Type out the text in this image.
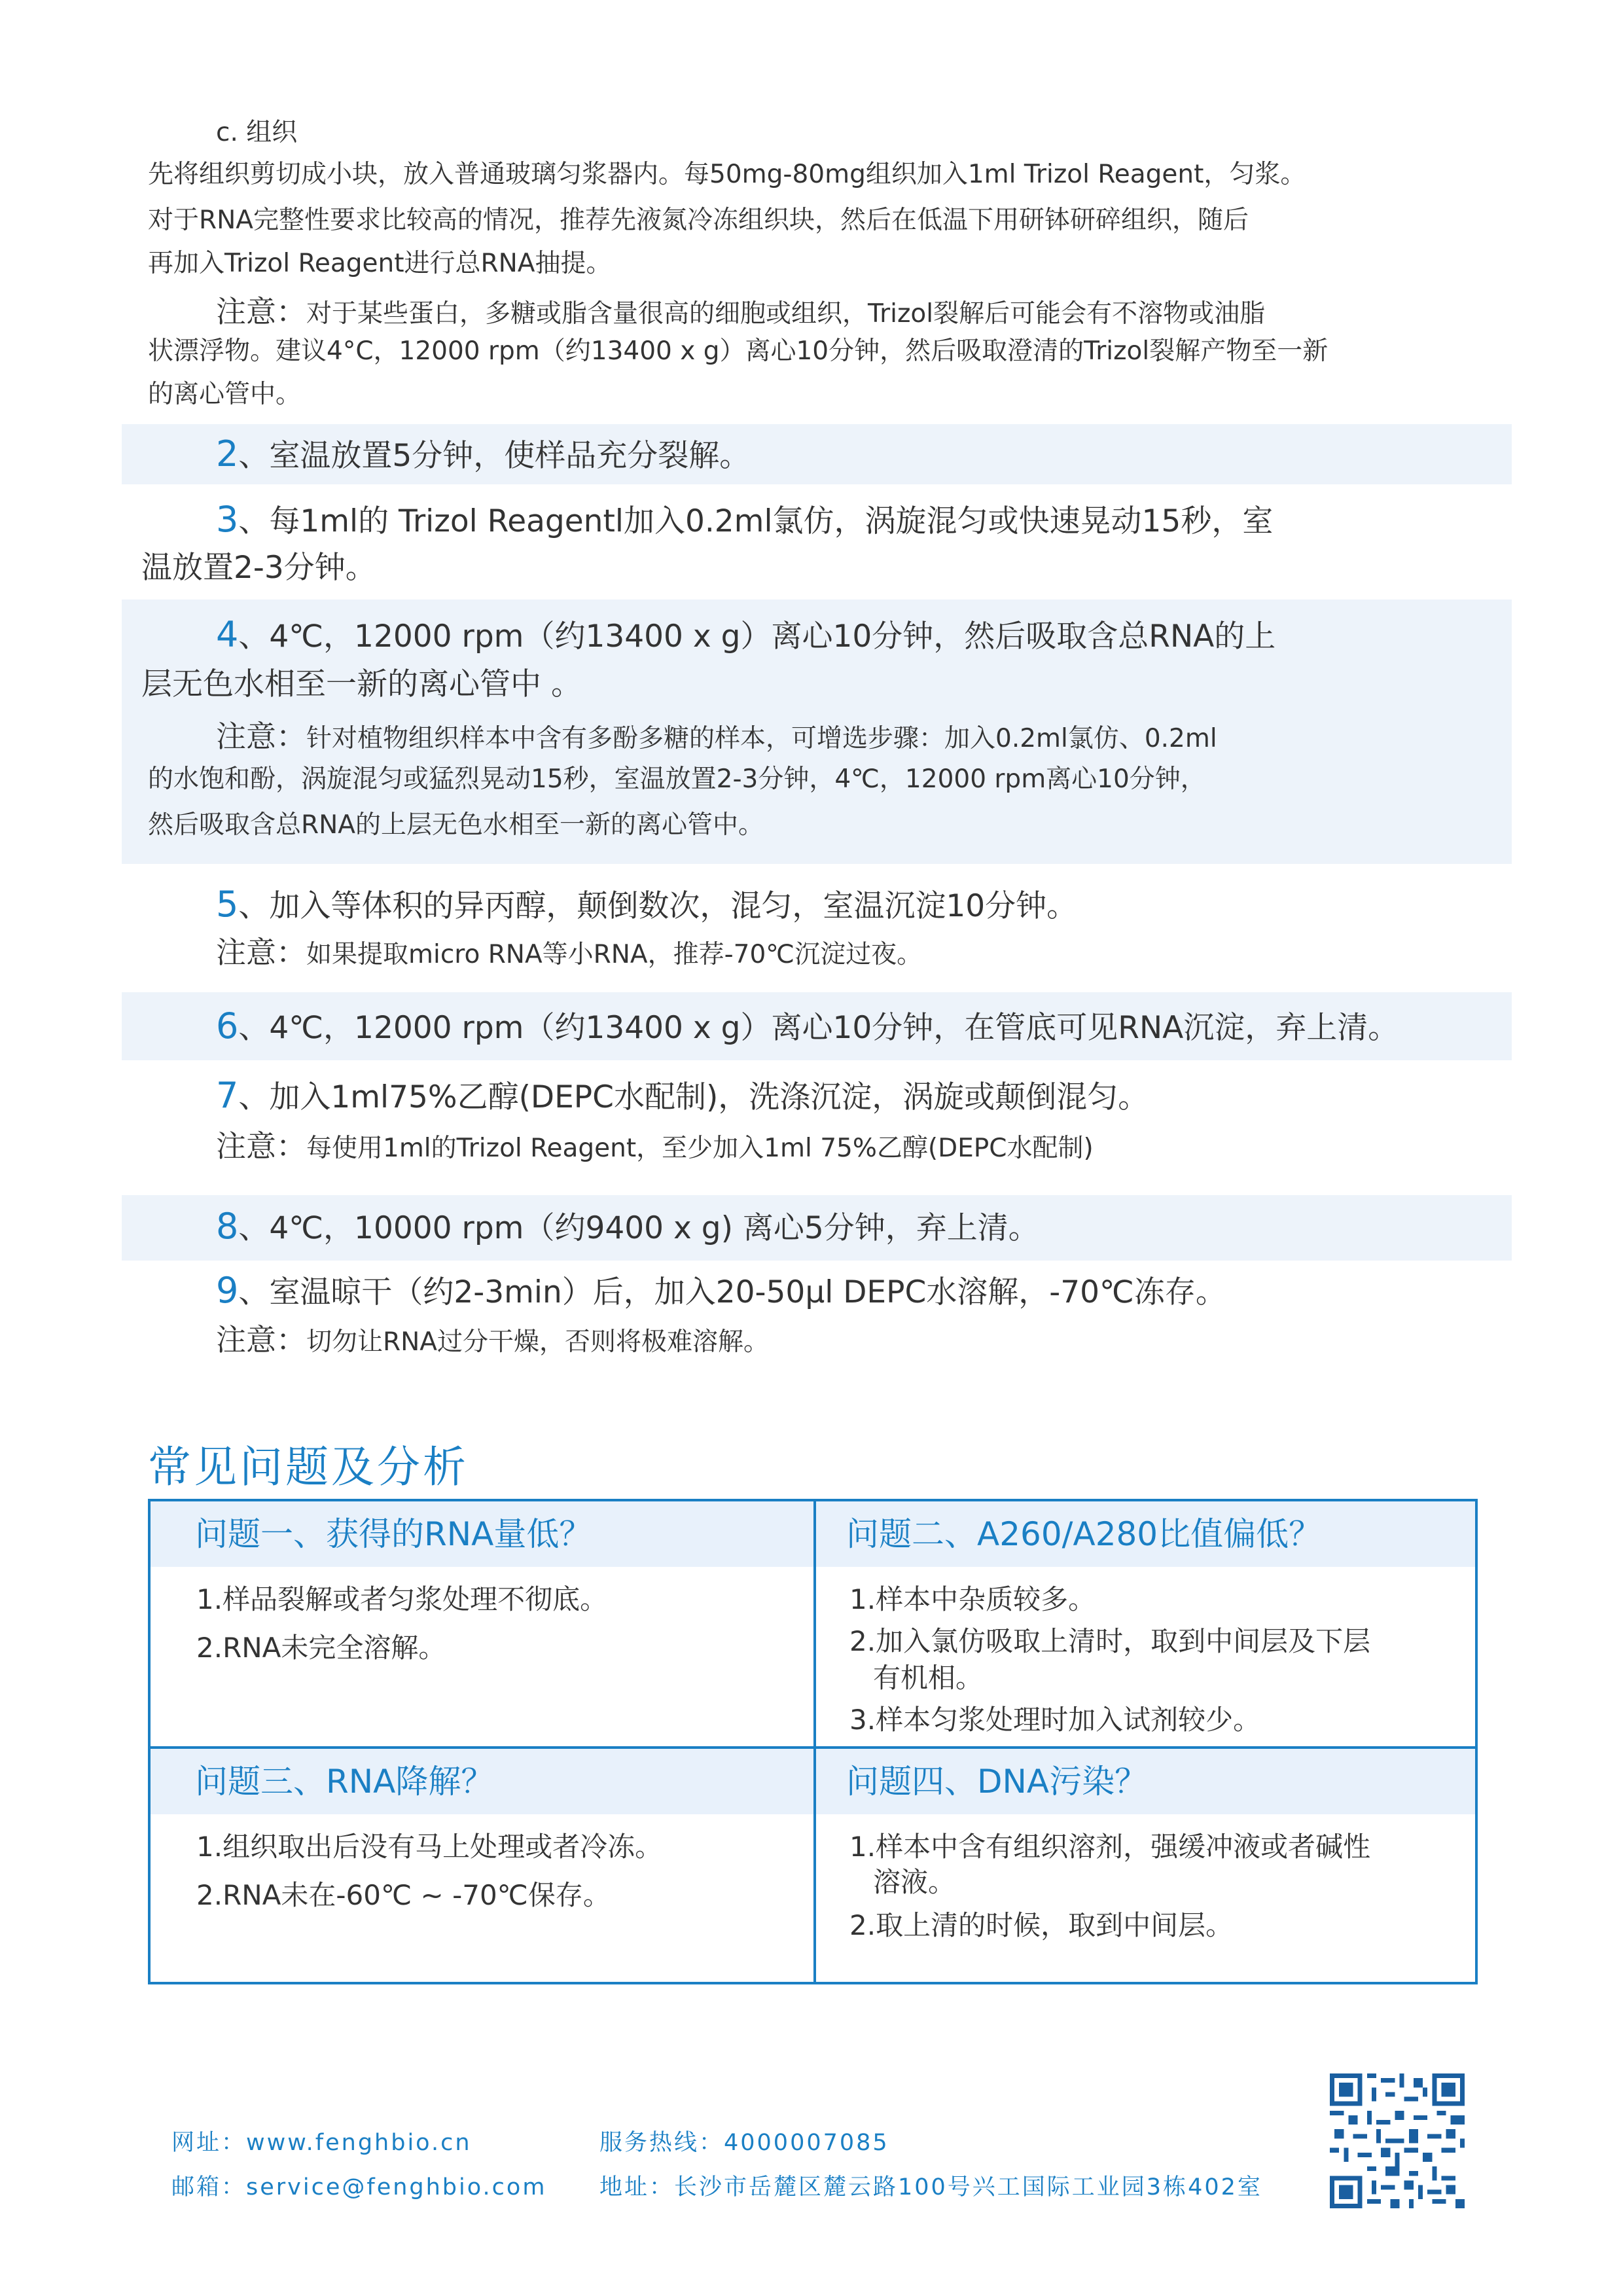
c. 组织
先将组织剪切成小块，放入普通玻璃匀浆器内。每50mg-80mg组织加入1ml Trizol Reagent，匀浆。
对于RNA完整性要求比较高的情况，推荐先液氮冷冻组织块，然后在低温下用研钵研碎组织，随后
再加入Trizol Reagent进行总RNA抽提。
注意：对于某些蛋白，多糖或脂含量很高的细胞或组织，Trizol裂解后可能会有不溶物或油脂
状漂浮物。建议4°C，12000 rpm（约13400 x g）离心10分钟，然后吸取澄清的Trizol裂解产物至一新
的离心管中。
2、室温放置5分钟，使样品充分裂解。
3、每1ml的 Trizol Reagentl加入0.2ml氯仿，涡旋混匀或快速晃动15秒，室
温放置2-3分钟。
4、4℃，12000 rpm（约13400 x g）离心10分钟，然后吸取含总RNA的上
层无色水相至一新的离心管中 。
注意：针对植物组织样本中含有多酚多糖的样本，可增选步骤：加入0.2ml氯仿、0.2ml
的水饱和酚，涡旋混匀或猛烈晃动15秒，室温放置2-3分钟，4℃，12000 rpm离心10分钟，
然后吸取含总RNA的上层无色水相至一新的离心管中。
5、加入等体积的异丙醇，颠倒数次，混匀，室温沉淀10分钟。
注意：如果提取micro RNA等小RNA，推荐-70℃沉淀过夜。
6、4℃，12000 rpm（约13400 x g）离心10分钟，在管底可见RNA沉淀，弃上清。
7、加入1ml75%乙醇(DEPC水配制)，洗涤沉淀，涡旋或颠倒混匀。
注意：每使用1ml的Trizol Reagent，至少加入1ml 75%乙醇(DEPC水配制)
8、4℃，10000 rpm（约9400 x g) 离心5分钟，弃上清。
9、室温晾干（约2-3min）后，加入20-50μl DEPC水溶解，-70℃冻存。
注意：切勿让RNA过分干燥，否则将极难溶解。
常见问题及分析
问题一、获得的RNA量低？
1.样品裂解或者匀浆处理不彻底。
2.RNA未完全溶解。
问题二、A260/A280比值偏低？
1.样本中杂质较多。
2.加入氯仿吸取上清时，取到中间层及下层
有机相。
3.样本匀浆处理时加入试剂较少。
问题三、RNA降解？
1.组织取出后没有马上处理或者冷冻。
2.RNA未在-60℃ ~ -70℃保存。
问题四、DNA污染？
1.样本中含有组织溶剂，强缓冲液或者碱性
溶液。
2.取上清的时候，取到中间层。
网址：www.fenghbio.cn	服务热线：4000007085
邮箱：service@fenghbio.com 地址：长沙市岳麓区麓云路100号兴工国际工业园3栋402室
